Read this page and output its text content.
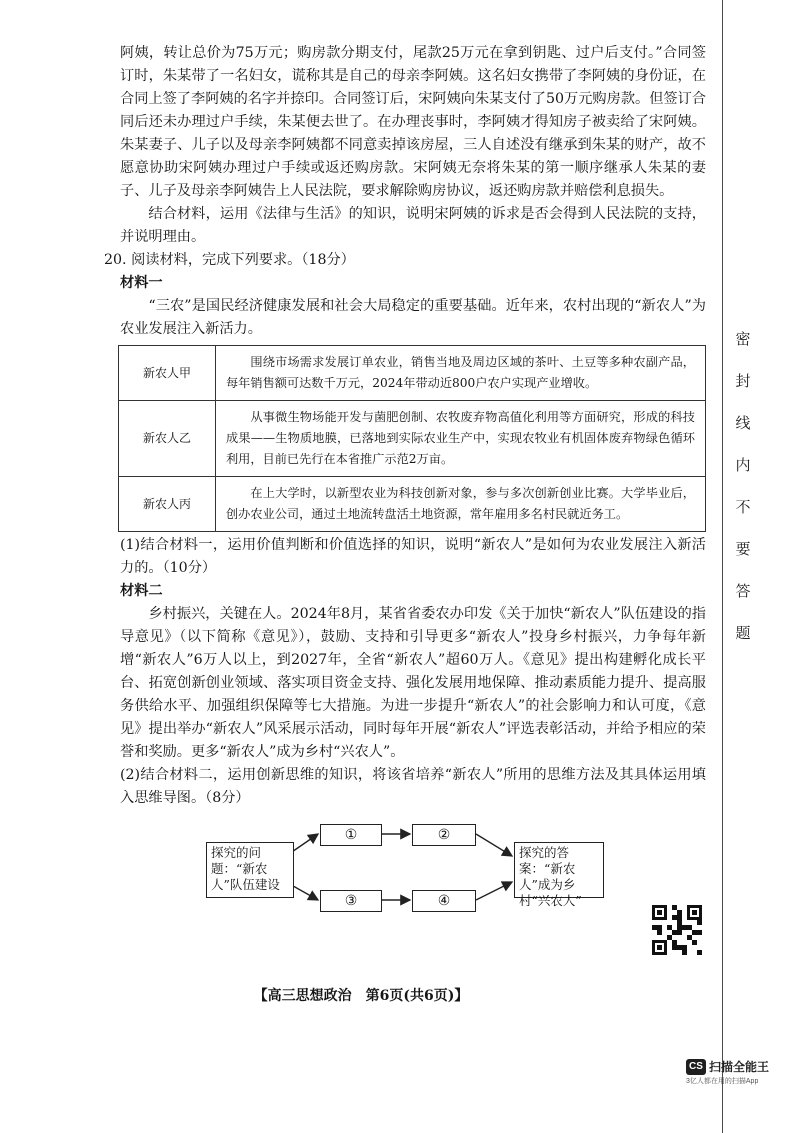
密
封
线
内
不
要
答
题

阿姨，转让总价为75万元；购房款分期支付，尾款25万元在拿到钥匙、过户后支付。”合同签订时，朱某带了一名妇女，谎称其是自己的母亲李阿姨。这名妇女携带了李阿姨的身份证，在合同上签了李阿姨的名字并捺印。合同签订后，宋阿姨向朱某支付了50万元购房款。但签订合同后还未办理过户手续，朱某便去世了。在办理丧事时，李阿姨才得知房子被卖给了宋阿姨。朱某妻子、儿子以及母亲李阿姨都不同意卖掉该房屋，三人自述没有继承到朱某的财产，故不愿意协助宋阿姨办理过户手续或返还购房款。宋阿姨无奈将朱某的第一顺序继承人朱某的妻子、儿子及母亲李阿姨告上人民法院，要求解除购房协议，返还购房款并赔偿利息损失。

结合材料，运用《法律与生活》的知识，说明宋阿姨的诉求是否会得到人民法院的支持，并说明理由。

20. 阅读材料，完成下列要求。（18分）

材料一

“三农”是国民经济健康发展和社会大局稳定的重要基础。近年来，农村出现的“新农人”为农业发展注入新活力。

新农人甲	围绕市场需求发展订单农业，销售当地及周边区域的茶叶、土豆等多种农副产品，每年销售额可达数千万元，2024年带动近800户农户实现产业增收。
新农人乙	从事微生物场能开发与菌肥创制、农牧废弃物高值化利用等方面研究，形成的科技成果——生物质地膜，已落地到实际农业生产中，实现农牧业有机固体废弃物绿色循环利用，目前已先行在本省推广示范2万亩。
新农人丙	在上大学时，以新型农业为科技创新对象，参与多次创新创业比赛。大学毕业后，创办农业公司，通过土地流转盘活土地资源，常年雇用多名村民就近务工。

(1)结合材料一，运用价值判断和价值选择的知识，说明“新农人”是如何为农业发展注入新活力的。（10分）

材料二

乡村振兴，关键在人。2024年8月，某省省委农办印发《关于加快“新农人”队伍建设的指导意见》（以下简称《意见》），鼓励、支持和引导更多“新农人”投身乡村振兴，力争每年新增“新农人”6万人以上，到2027年，全省“新农人”超60万人。《意见》提出构建孵化成长平台、拓宽创新创业领域、落实项目资金支持、强化发展用地保障、推动素质能力提升、提高服务供给水平、加强组织保障等七大措施。为进一步提升“新农人”的社会影响力和认可度，《意见》提出举办“新农人”风采展示活动，同时每年开展“新农人”评选表彰活动，并给予相应的荣誉和奖励。更多“新农人”成为乡村“兴农人”。

(2)结合材料二，运用创新思维的知识，将该省培养“新农人”所用的思维方法及其具体运用填入思维导图。（8分）

探究的问题：“新农人”队伍建设
①	②
③	④
探究的答案：“新农人”成为乡村“兴农人”
【高三思想政治　第6页(共6页)】
CS 扫描全能王
3亿人都在用的扫描App
